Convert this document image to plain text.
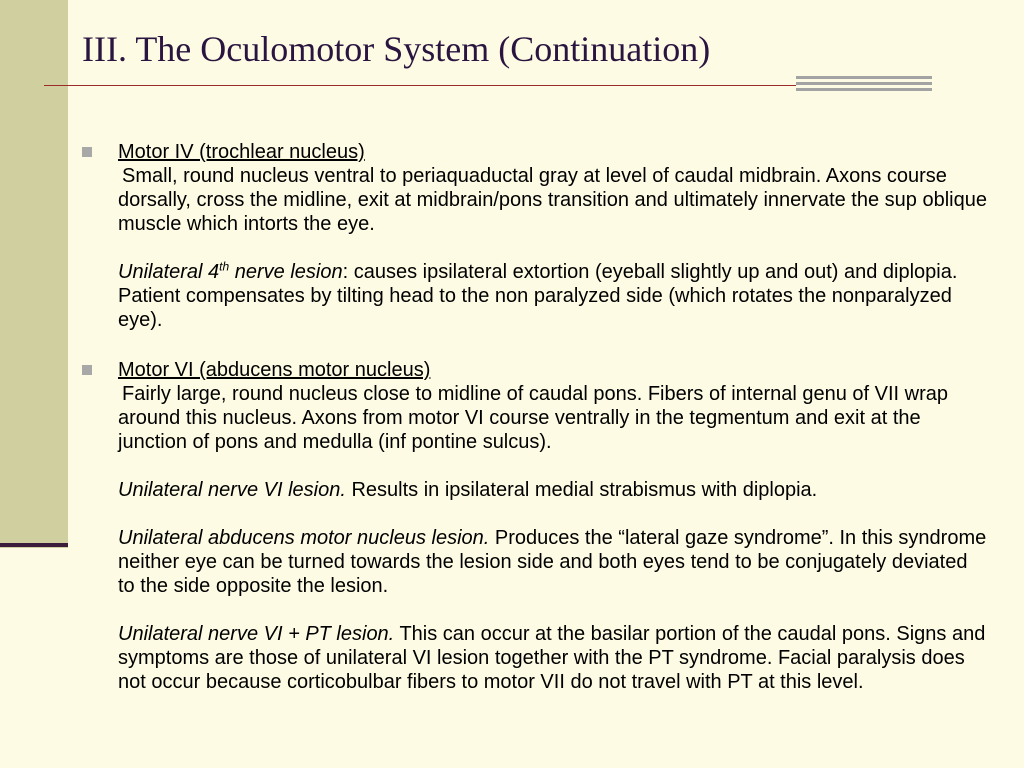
III. The Oculomotor System (Continuation)
Motor IV (trochlear nucleus)

Small, round nucleus ventral to periaquaductal gray at level of caudal midbrain. Axons course dorsally, cross the midline, exit at midbrain/pons transition and ultimately innervate the sup oblique muscle which intorts the eye.

Unilateral 4th nerve lesion: causes ipsilateral extortion (eyeball slightly up and out) and diplopia. Patient compensates by tilting head to the non paralyzed side (which rotates the nonparalyzed eye).

Motor VI (abducens motor nucleus)

Fairly large, round nucleus close to midline of caudal pons. Fibers of internal genu of VII wrap around this nucleus. Axons from motor VI course ventrally in the tegmentum and exit at the junction of pons and medulla (inf pontine sulcus).

Unilateral nerve VI lesion. Results in ipsilateral medial strabismus with diplopia.

Unilateral abducens motor nucleus lesion. Produces the “lateral gaze syndrome”. In this syndrome neither eye can be turned towards the lesion side and both eyes tend to be conjugately deviated to the side opposite the lesion.

Unilateral nerve VI + PT lesion. This can occur at the basilar portion of the caudal pons. Signs and symptoms are those of unilateral VI lesion together with the PT syndrome. Facial paralysis does not occur because corticobulbar fibers to motor VII do not travel with PT at this level.
